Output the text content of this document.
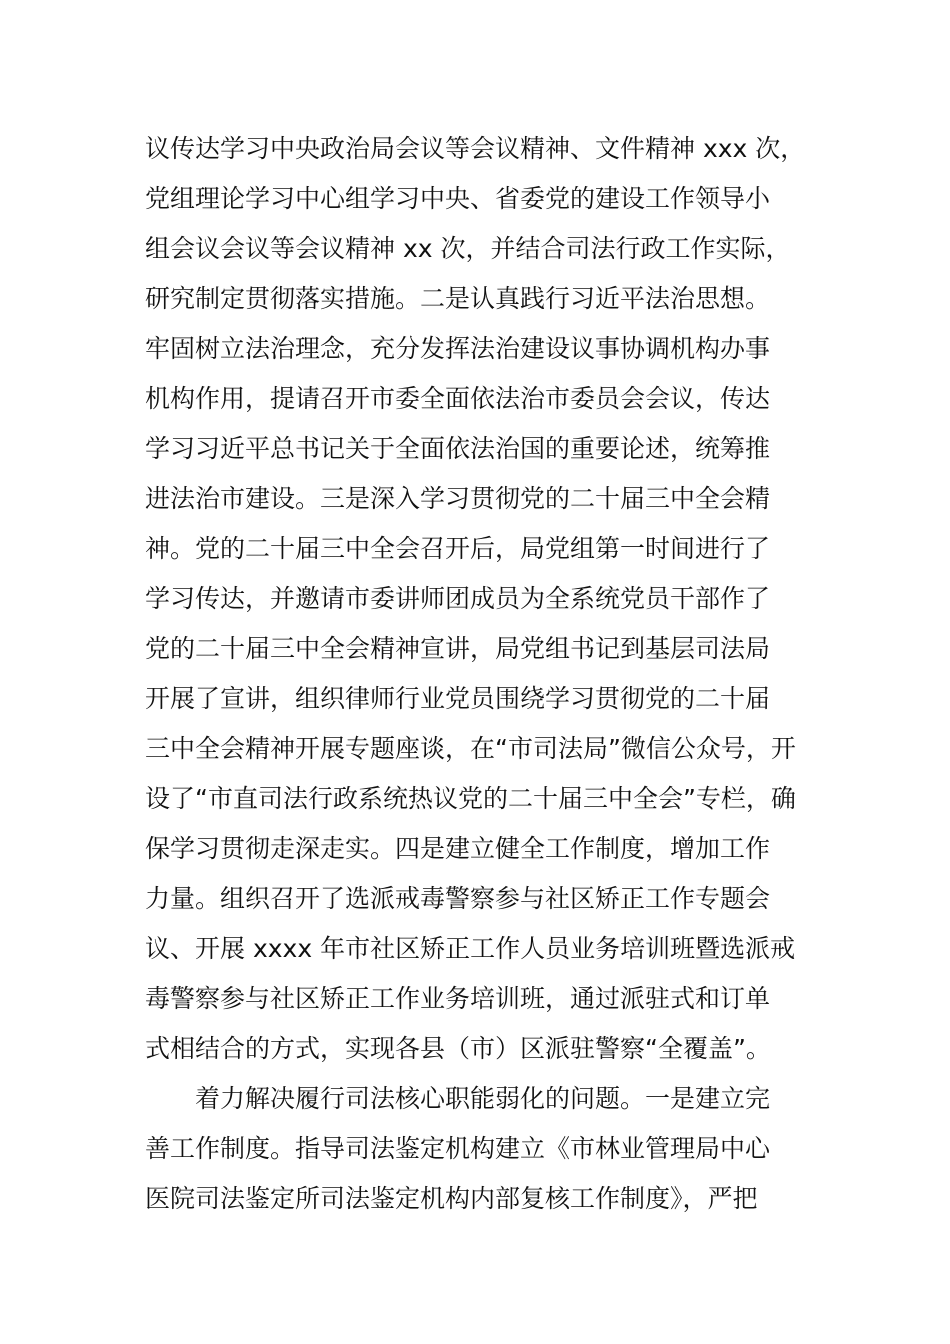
议传达学习中央政治局会议等会议精神、文件精神 xxx 次，
党组理论学习中心组学习中央、省委党的建设工作领导小
组会议会议等会议精神 xx 次，并结合司法行政工作实际，
研究制定贯彻落实措施。二是认真践行习近平法治思想。
牢固树立法治理念，充分发挥法治建设议事协调机构办事
机构作用，提请召开市委全面依法治市委员会会议，传达
学习习近平总书记关于全面依法治国的重要论述，统筹推
进法治市建设。三是深入学习贯彻党的二十届三中全会精
神。党的二十届三中全会召开后，局党组第一时间进行了
学习传达，并邀请市委讲师团成员为全系统党员干部作了
党的二十届三中全会精神宣讲，局党组书记到基层司法局
开展了宣讲，组织律师行业党员围绕学习贯彻党的二十届
三中全会精神开展专题座谈，在“市司法局”微信公众号，开
设了“市直司法行政系统热议党的二十届三中全会”专栏，确
保学习贯彻走深走实。四是建立健全工作制度，增加工作
力量。组织召开了选派戒毒警察参与社区矫正工作专题会
议、开展 xxxx 年市社区矫正工作人员业务培训班暨选派戒
毒警察参与社区矫正工作业务培训班，通过派驻式和订单
式相结合的方式，实现各县（市）区派驻警察“全覆盖”。
着力解决履行司法核心职能弱化的问题。一是建立完
善工作制度。指导司法鉴定机构建立《市林业管理局中心
医院司法鉴定所司法鉴定机构内部复核工作制度》，严把
